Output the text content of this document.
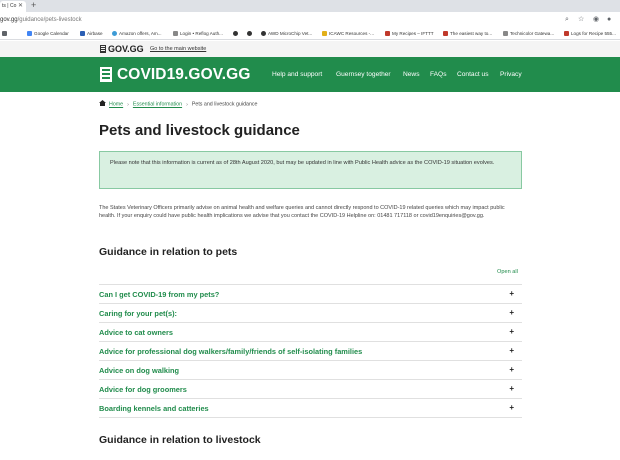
ts | Co ✕ +
gov.gg/guidance/pets-livestock	⌕ ☆ ◉ ●
Google Calendar	Airbase	Amazon offers, Am...	Login • Reflog Auth...	AWD MicroChip Vet...	ICAWC Resources -...	My Recipes – IFTTT	The easiest way to...	Technicolor Gatewa...	Logs for Recipe 555...
GOV.GG Go to the main website
COVID19.GOV.GG	Help and support Guernsey together News FAQs Contact us Privacy
Home › Essential information › Pets and livestock guidance
Pets and livestock guidance
Please note that this information is current as of 28th August 2020, but may be updated in line with Public Health advice as the COVID-19 situation evolves.

The States Veterinary Officers primarily advise on animal health and welfare queries and cannot directly respond to COVID-19 related queries which may impact public health. If your enquiry could have public health implications we advise that you contact the COVID-19 Helpline on: 01481 717118 or covid19enquiries@gov.gg.

Guidance in relation to pets
Open all
Can I get COVID-19 from my pets?	+
Caring for your pet(s):	+
Advice to cat owners	+
Advice for professional dog walkers/family/friends of self-isolating families	+
Advice on dog walking	+
Advice for dog groomers	+
Boarding kennels and catteries	+
Guidance in relation to livestock
